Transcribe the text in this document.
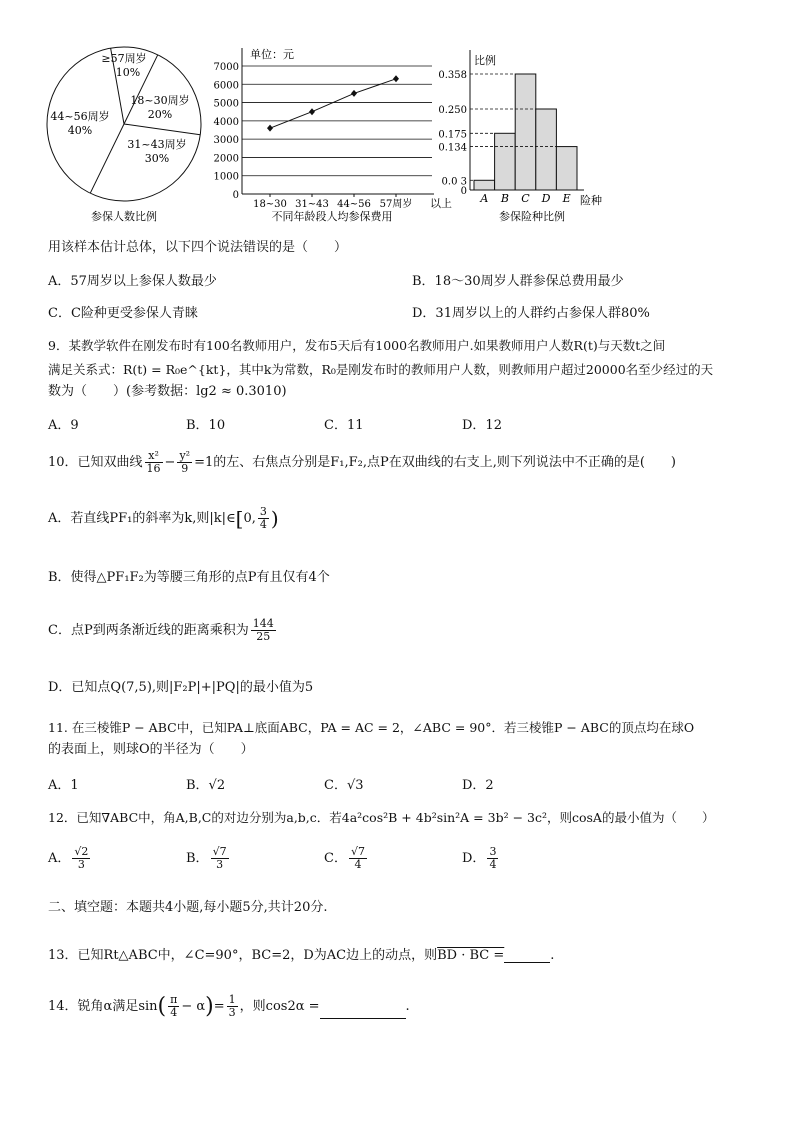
≥57周岁
10%
18~30周岁
20%
31~43周岁
30%
44~56周岁
40%
参保人数比例
单位：元
0
1000
2000
3000
4000
5000
6000
7000
18~30 31~43 44~56 57周岁 以上
不同年龄段人均参保费用
比例
险种
A B C D E
0
0.0 3
0.134
0.175
0.250
0.358
参保险种比例
用该样本估计总体，以下四个说法错误的是（　　）
A．57周岁以上参保人数最少	B．18～30周岁人群参保总费用最少
C．C险种更受参保人青睐	D．31周岁以上的人群约占参保人群80%
9．某教学软件在刚发布时有100名教师用户，发布5天后有1000名教师用户.如果教师用户人数R(t)与天数t之间
满足关系式：R(t) = R₀e^{kt}，其中k为常数，R₀是刚发布时的教师用户人数，则教师用户超过20000名至少经过的天
数为（　　）(参考数据：lg2 ≈ 0.3010)
A．9	B．10	C．11	D．12
10．已知双曲线 $\frac{\text{x²}}{16} - \frac{\text{y²}}{9} =1$的左、右焦点分别是F₁,F₂,点P在双曲线的右支上,则下列说法中不正确的是(　　)
A．若直线PF₁的斜率为k,则|k|∈[0, $\frac{3}{4}$ )
B．使得△PF₁F₂为等腰三角形的点P有且仅有4个
C．点P到两条渐近线的距离乘积为 $\frac{144}{25}$
D．已知点Q(7,5),则|F₂P|+|PQ|的最小值为5
11. 在三棱锥P − ABC中，已知PA⊥底面ABC，PA = AC = 2，∠ABC = 90°．若三棱锥P − ABC的顶点均在球O
的表面上，则球O的半径为（　　）
A．1	B．√2	C．√3	D．2
12．已知∇ABC中，角A,B,C的对边分别为a,b,c．若4a²cos²B + 4b²sin²A = 3b² − 3c²，则cosA的最小值为（　　）
A． $\frac{√2}{3}$	B． $\frac{√7}{3}$	C． $\frac{√7}{4}$	D． $\frac{3}{4}$
二、填空题：本题共4小题,每小题5分,共计20分.
13．已知Rt△ABC中，∠C=90°，BC=2，D为AC边上的动点，则BD · BC =	.
14．锐角α满足$\sin( \frac{\pi}{4} - \alpha)= \frac{1}{3}$ ，则cos2α =	.
